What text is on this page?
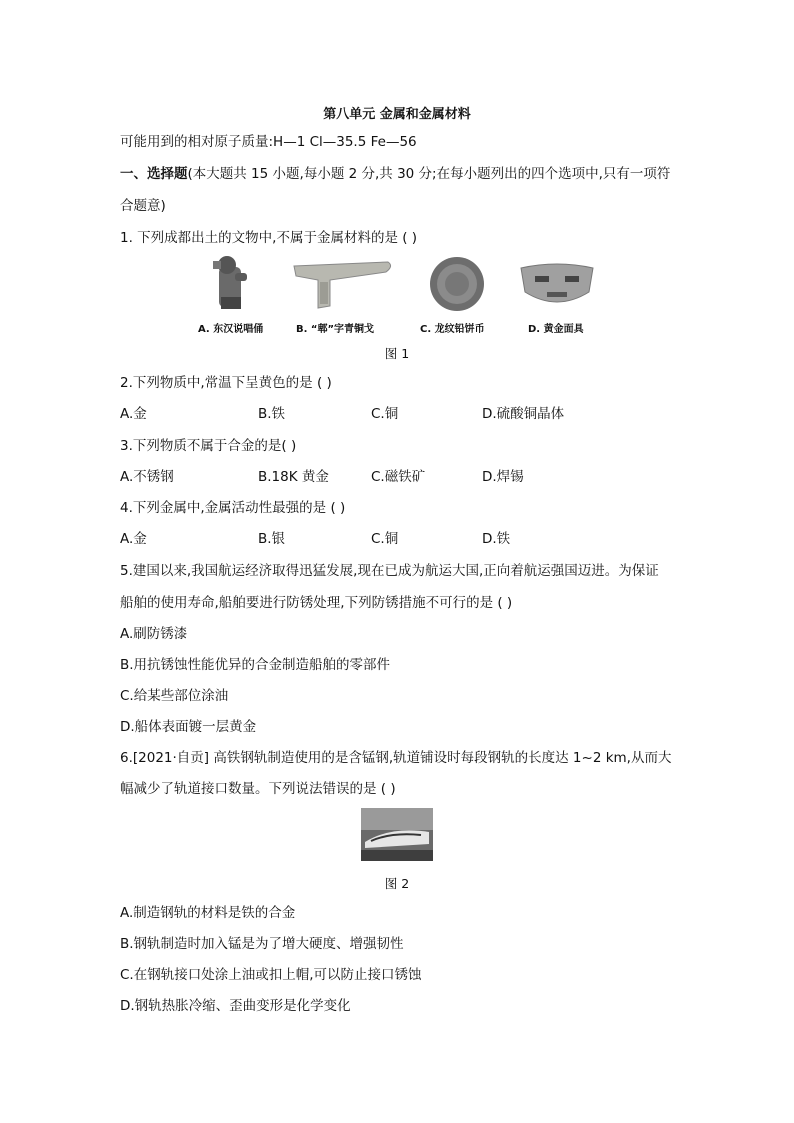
第八单元 金属和金属材料
可能用到的相对原子质量:H—1 Cl—35.5 Fe—56
一、选择题(本大题共 15 小题,每小题 2 分,共 30 分;在每小题列出的四个选项中,只有一项符
合题意)
1. 下列成都出土的文物中,不属于金属材料的是 ( )
A. 东汉说唱俑	B. “郫”字青铜戈	C. 龙纹铅饼币	D. 黄金面具
图 1
2.下列物质中,常温下呈黄色的是 ( )
A.金	B.铁	C.铜	D.硫酸铜晶体
3.下列物质不属于合金的是( )
A.不锈钢	B.18K 黄金	C.磁铁矿	D.焊锡
4.下列金属中,金属活动性最强的是 ( )
A.金	B.银	C.铜	D.铁
5.建国以来,我国航运经济取得迅猛发展,现在已成为航运大国,正向着航运强国迈进。为保证
船舶的使用寿命,船舶要进行防锈处理,下列防锈措施不可行的是 ( )
A.刷防锈漆
B.用抗锈蚀性能优异的合金制造船舶的零部件
C.给某些部位涂油
D.船体表面镀一层黄金
6.[2021·自贡] 高铁钢轨制造使用的是含锰钢,轨道铺设时每段钢轨的长度达 1~2 km,从而大
幅减少了轨道接口数量。下列说法错误的是 ( )
图 2
A.制造钢轨的材料是铁的合金
B.钢轨制造时加入锰是为了增大硬度、增强韧性
C.在钢轨接口处涂上油或扣上帽,可以防止接口锈蚀
D.钢轨热胀冷缩、歪曲变形是化学变化
